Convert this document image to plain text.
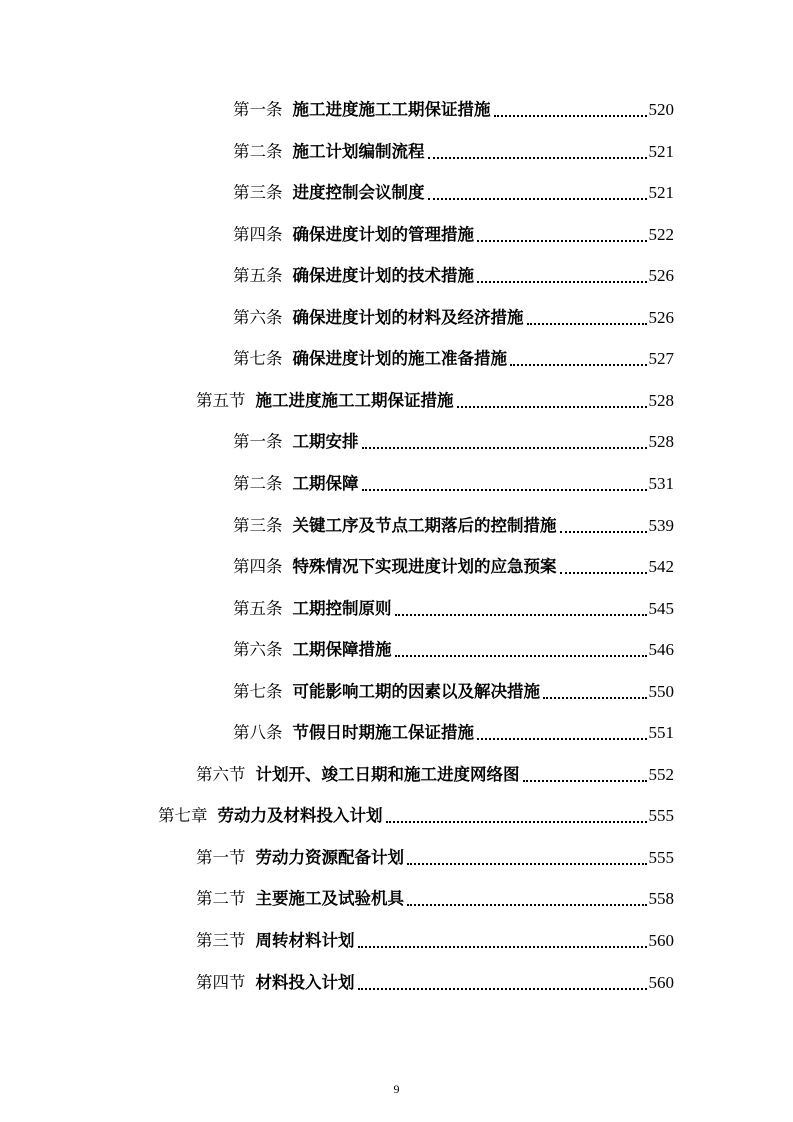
第一条 施工进度施工工期保证措施	520
第二条 施工计划编制流程	521
第三条 进度控制会议制度	521
第四条 确保进度计划的管理措施	522
第五条 确保进度计划的技术措施	526
第六条 确保进度计划的材料及经济措施	526
第七条 确保进度计划的施工准备措施	527
第五节 施工进度施工工期保证措施	528
第一条 工期安排	528
第二条 工期保障	531
第三条 关键工序及节点工期落后的控制措施	539
第四条 特殊情况下实现进度计划的应急预案	542
第五条 工期控制原则	545
第六条 工期保障措施	546
第七条 可能影响工期的因素以及解决措施	550
第八条 节假日时期施工保证措施	551
第六节 计划开、竣工日期和施工进度网络图	552
第七章 劳动力及材料投入计划	555
第一节 劳动力资源配备计划	555
第二节 主要施工及试验机具	558
第三节 周转材料计划	560
第四节 材料投入计划	560
9
